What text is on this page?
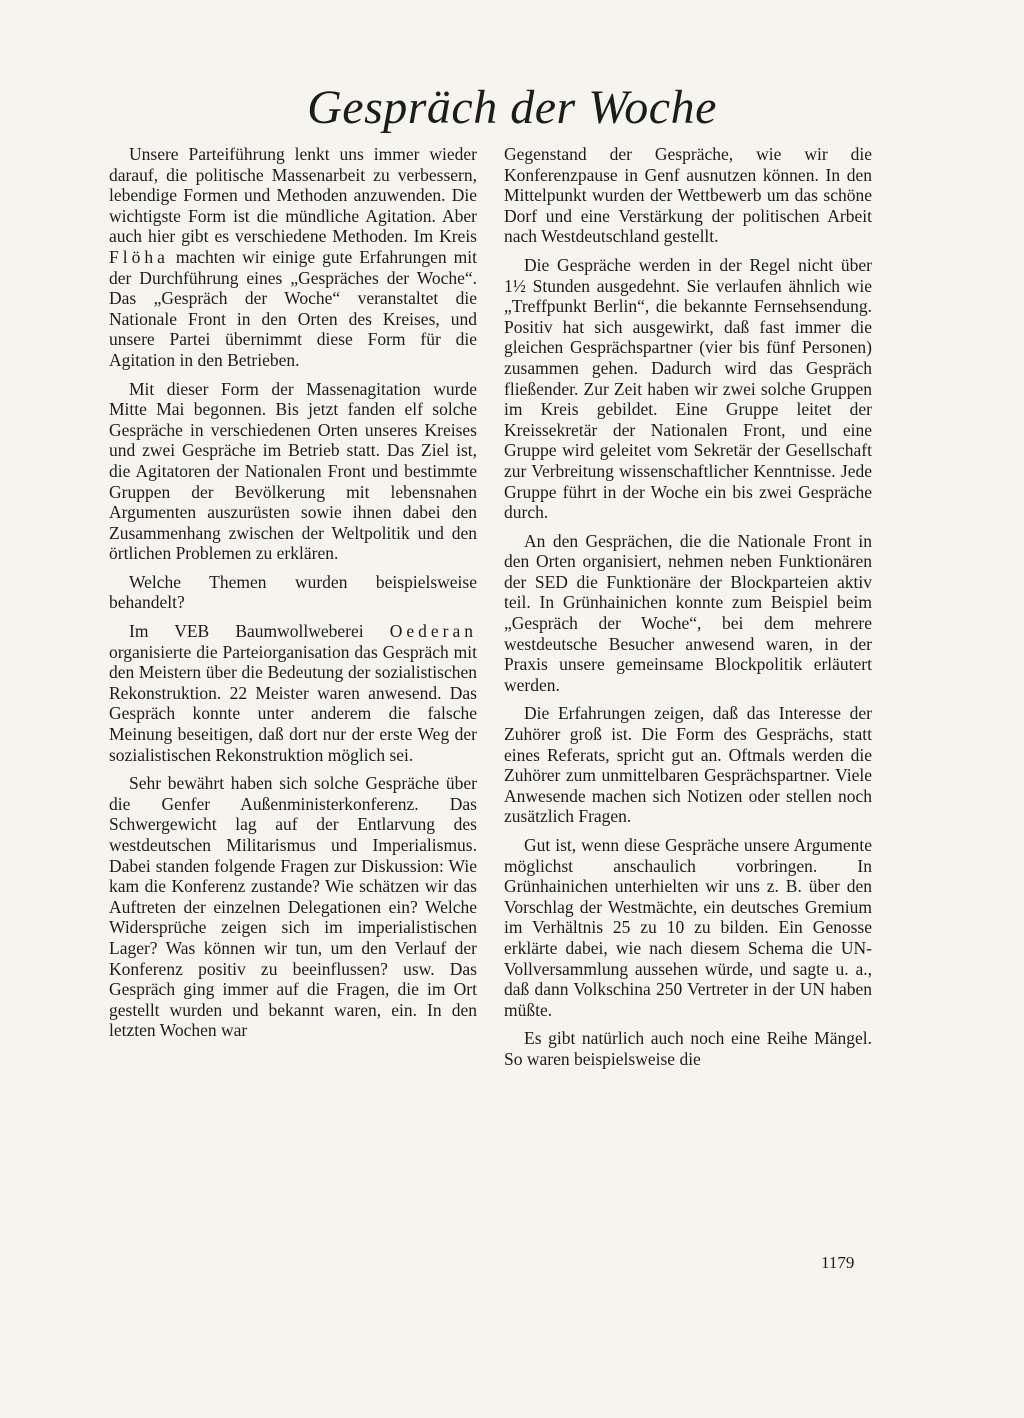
Gespräch der Woche

Unsere Parteiführung lenkt uns immer wieder darauf, die politische Massenarbeit zu verbessern, lebendige Formen und Methoden anzuwenden. Die wichtigste Form ist die mündliche Agitation. Aber auch hier gibt es verschiedene Methoden. Im Kreis Flöha machten wir einige gute Erfahrungen mit der Durchführung eines „Gespräches der Woche“. Das „Gespräch der Woche“ veranstaltet die Nationale Front in den Orten des Kreises, und unsere Partei übernimmt diese Form für die Agitation in den Betrieben.

Mit dieser Form der Massenagitation wurde Mitte Mai begonnen. Bis jetzt fanden elf solche Gespräche in verschiedenen Orten unseres Kreises und zwei Gespräche im Betrieb statt. Das Ziel ist, die Agitatoren der Nationalen Front und bestimmte Gruppen der Bevölkerung mit lebensnahen Argumenten auszurüsten sowie ihnen dabei den Zusammenhang zwischen der Weltpolitik und den örtlichen Problemen zu erklären.

Welche Themen wurden beispielsweise behandelt?

Im VEB Baumwollweberei Oederan organisierte die Parteiorganisation das Gespräch mit den Meistern über die Bedeutung der sozialistischen Rekonstruktion. 22 Meister waren anwesend. Das Gespräch konnte unter anderem die falsche Meinung beseitigen, daß dort nur der erste Weg der sozialistischen Rekonstruktion möglich sei.

Sehr bewährt haben sich solche Gespräche über die Genfer Außenministerkonferenz. Das Schwergewicht lag auf der Entlarvung des westdeutschen Militarismus und Imperialismus. Dabei standen folgende Fragen zur Diskussion: Wie kam die Konferenz zustande? Wie schätzen wir das Auftreten der einzelnen Delegationen ein? Welche Widersprüche zeigen sich im imperialistischen Lager? Was können wir tun, um den Verlauf der Konferenz positiv zu beeinflussen? usw. Das Gespräch ging immer auf die Fragen, die im Ort gestellt wurden und bekannt waren, ein. In den letzten Wochen war

Gegenstand der Gespräche, wie wir die Konferenzpause in Genf ausnutzen können. In den Mittelpunkt wurden der Wettbewerb um das schöne Dorf und eine Verstärkung der politischen Arbeit nach Westdeutschland gestellt.

Die Gespräche werden in der Regel nicht über 1½ Stunden ausgedehnt. Sie verlaufen ähnlich wie „Treffpunkt Berlin“, die bekannte Fernsehsendung. Positiv hat sich ausgewirkt, daß fast immer die gleichen Gesprächspartner (vier bis fünf Personen) zusammen gehen. Dadurch wird das Gespräch fließender. Zur Zeit haben wir zwei solche Gruppen im Kreis gebildet. Eine Gruppe leitet der Kreissekretär der Nationalen Front, und eine Gruppe wird geleitet vom Sekretär der Gesellschaft zur Verbreitung wissenschaftlicher Kenntnisse. Jede Gruppe führt in der Woche ein bis zwei Gespräche durch.

An den Gesprächen, die die Nationale Front in den Orten organisiert, nehmen neben Funktionären der SED die Funktionäre der Blockparteien aktiv teil. In Grünhainichen konnte zum Beispiel beim „Gespräch der Woche“, bei dem mehrere westdeutsche Besucher anwesend waren, in der Praxis unsere gemeinsame Blockpolitik erläutert werden.

Die Erfahrungen zeigen, daß das Interesse der Zuhörer groß ist. Die Form des Gesprächs, statt eines Referats, spricht gut an. Oftmals werden die Zuhörer zum unmittelbaren Gesprächspartner. Viele Anwesende machen sich Notizen oder stellen noch zusätzlich Fragen.

Gut ist, wenn diese Gespräche unsere Argumente möglichst anschaulich vorbringen. In Grünhainichen unterhielten wir uns z. B. über den Vorschlag der Westmächte, ein deutsches Gremium im Verhältnis 25 zu 10 zu bilden. Ein Genosse erklärte dabei, wie nach diesem Schema die UN-Vollversammlung aussehen würde, und sagte u. a., daß dann Volkschina 250 Vertreter in der UN haben müßte.

Es gibt natürlich auch noch eine Reihe Mängel. So waren beispielsweise die

1179
